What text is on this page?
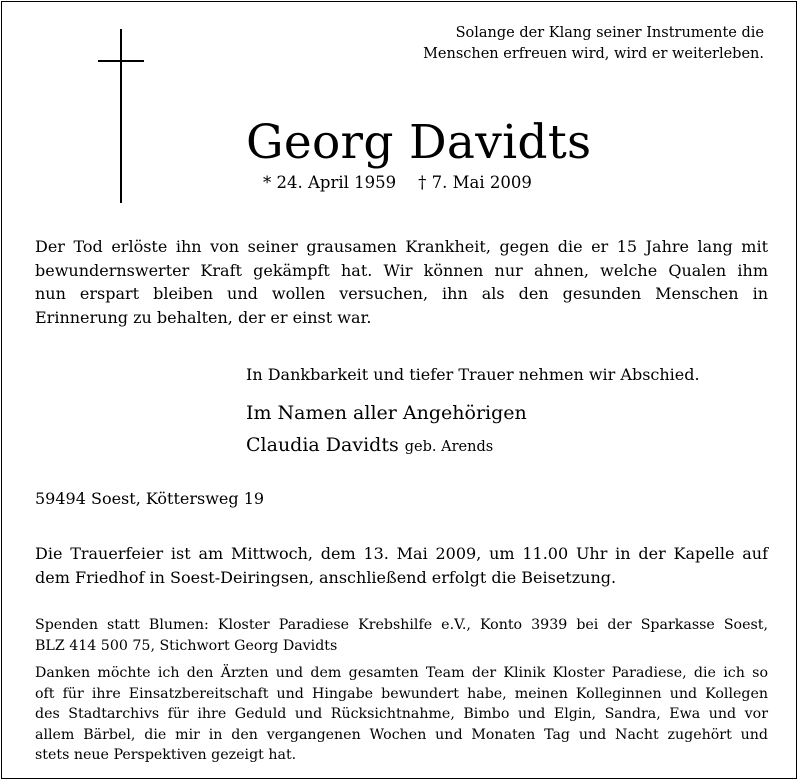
Solange der Klang seiner Instrumente die
Menschen erfreuen wird, wird er weiterleben.
Georg Davidts
* 24. April 1959 † 7. Mai 2009
Der Tod erlöste ihn von seiner grausamen Krankheit, gegen die er 15 Jahre lang mit
bewundernswerter Kraft gekämpft hat. Wir können nur ahnen, welche Qualen ihm
nun erspart bleiben und wollen versuchen, ihn als den gesunden Menschen in
Erinnerung zu behalten, der er einst war.
In Dankbarkeit und tiefer Trauer nehmen wir Abschied.
Im Namen aller Angehörigen
Claudia Davidts geb. Arends
59494 Soest, Köttersweg 19
Die Trauerfeier ist am Mittwoch, dem 13. Mai 2009, um 11.00 Uhr in der Kapelle auf
dem Friedhof in Soest-Deiringsen, anschließend erfolgt die Beisetzung.
Spenden statt Blumen: Kloster Paradiese Krebshilfe e.V., Konto 3939 bei der Sparkasse Soest,
BLZ 414 500 75, Stichwort Georg Davidts
Danken möchte ich den Ärzten und dem gesamten Team der Klinik Kloster Paradiese, die ich so
oft für ihre Einsatzbereitschaft und Hingabe bewundert habe, meinen Kolleginnen und Kollegen
des Stadtarchivs für ihre Geduld und Rücksichtnahme, Bimbo und Elgin, Sandra, Ewa und vor
allem Bärbel, die mir in den vergangenen Wochen und Monaten Tag und Nacht zugehört und
stets neue Perspektiven gezeigt hat.
